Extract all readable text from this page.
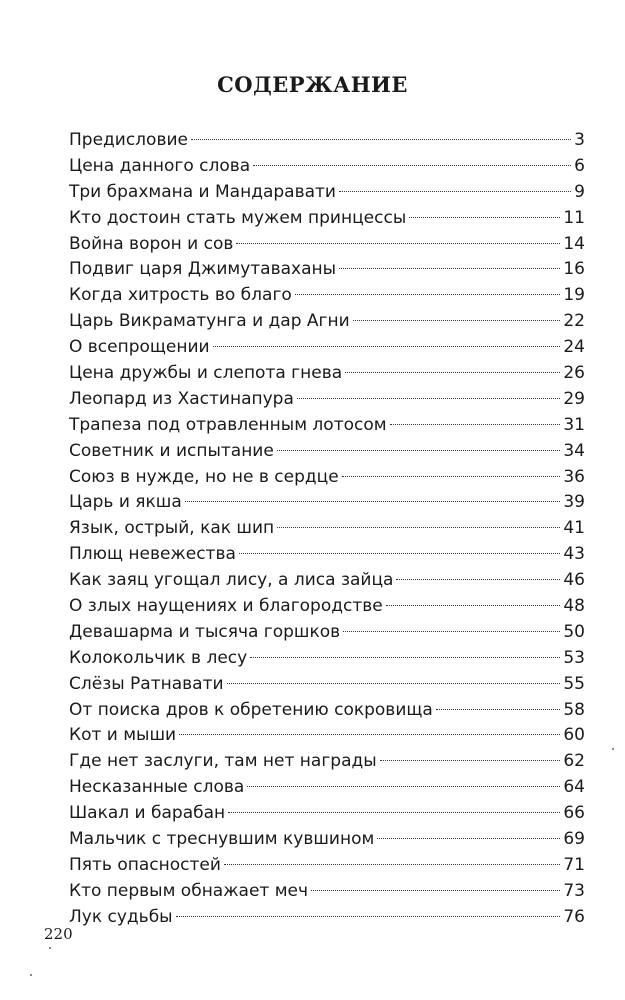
СОДЕРЖАНИЕ
Предисловие	3
Цена данного слова	6
Три брахмана и Мандаравати	9
Кто достоин стать мужем принцессы	11
Война ворон и сов	14
Подвиг царя Джимутаваханы	16
Когда хитрость во благо	19
Царь Викраматунга и дар Агни	22
О всепрощении	24
Цена дружбы и слепота гнева	26
Леопард из Хастинапура	29
Трапеза под отравленным лотосом	31
Советник и испытание	34
Союз в нужде, но не в сердце	36
Царь и якша	39
Язык, острый, как шип	41
Плющ невежества	43
Как заяц угощал лису, а лиса зайца	46
О злых наущениях и благородстве	48
Девашарма и тысяча горшков	50
Колокольчик в лесу	53
Слёзы Ратнавати	55
От поиска дров к обретению сокровища	58
Кот и мыши	60
Где нет заслуги, там нет награды	62
Несказанные слова	64
Шакал и барабан	66
Мальчик с треснувшим кувшином	69
Пять опасностей	71
Кто первым обнажает меч	73
Лук судьбы	76
220
